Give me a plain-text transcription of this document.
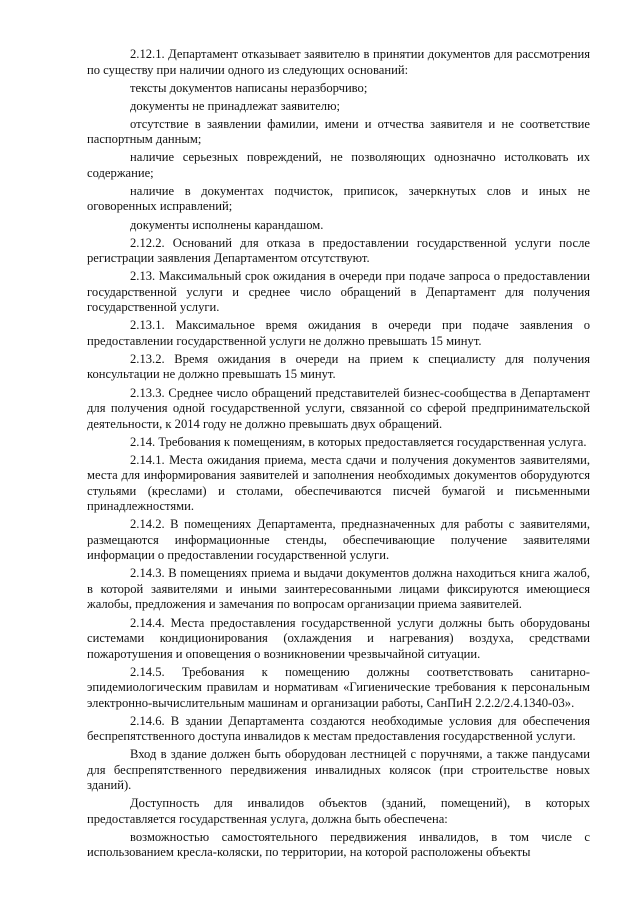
2.12.1. Департамент отказывает заявителю в принятии документов для рассмотрения по существу при наличии одного из следующих оснований:

тексты документов написаны неразборчиво;

документы не принадлежат заявителю;

отсутствие в заявлении фамилии, имени и отчества заявителя и не соответствие паспортным данным;

наличие серьезных повреждений, не позволяющих однозначно истолковать их содержание;

наличие в документах подчисток, приписок, зачеркнутых слов и иных не оговоренных исправлений;

документы исполнены карандашом.

2.12.2. Оснований для отказа в предоставлении государственной услуги после регистрации заявления Департаментом отсутствуют.

2.13. Максимальный срок ожидания в очереди при подаче запроса о предоставлении государственной услуги и среднее число обращений в Департамент для получения государственной услуги.

2.13.1. Максимальное время ожидания в очереди при подаче заявления о предоставлении государственной услуги не должно превышать 15 минут.

2.13.2. Время ожидания в очереди на прием к специалисту для получения консультации не должно превышать 15 минут.

2.13.3. Среднее число обращений представителей бизнес-сообщества в Департамент для получения одной государственной услуги, связанной со сферой предпринимательской деятельности, к 2014 году не должно превышать двух обращений.

2.14. Требования к помещениям, в которых предоставляется государственная услуга.

2.14.1. Места ожидания приема, места сдачи и получения документов заявителями, места для информирования заявителей и заполнения необходимых документов оборудуются стульями (креслами) и столами, обеспечиваются писчей бумагой и письменными принадлежностями.

2.14.2. В помещениях Департамента, предназначенных для работы с заявителями, размещаются информационные стенды, обеспечивающие получение заявителями информации о предоставлении государственной услуги.

2.14.3. В помещениях приема и выдачи документов должна находиться книга жалоб, в которой заявителями и иными заинтересованными лицами фиксируются имеющиеся жалобы, предложения и замечания по вопросам организации приема заявителей.

2.14.4. Места предоставления государственной услуги должны быть оборудованы системами кондиционирования (охлаждения и нагревания) воздуха, средствами пожаротушения и оповещения о возникновении чрезвычайной ситуации.

2.14.5. Требования к помещению должны соответствовать санитарно-эпидемиологическим правилам и нормативам «Гигиенические требования к персональным электронно-вычислительным машинам и организации работы, СанПиН 2.2.2/2.4.1340-03».

2.14.6. В здании Департамента создаются необходимые условия для обеспечения беспрепятственного доступа инвалидов к местам предоставления государственной услуги.

Вход в здание должен быть оборудован лестницей с поручнями, а также пандусами для беспрепятственного передвижения инвалидных колясок (при строительстве новых зданий).

Доступность для инвалидов объектов (зданий, помещений), в которых предоставляется государственная услуга, должна быть обеспечена:

возможностью самостоятельного передвижения инвалидов, в том числе с использованием кресла-коляски, по территории, на которой расположены объекты
